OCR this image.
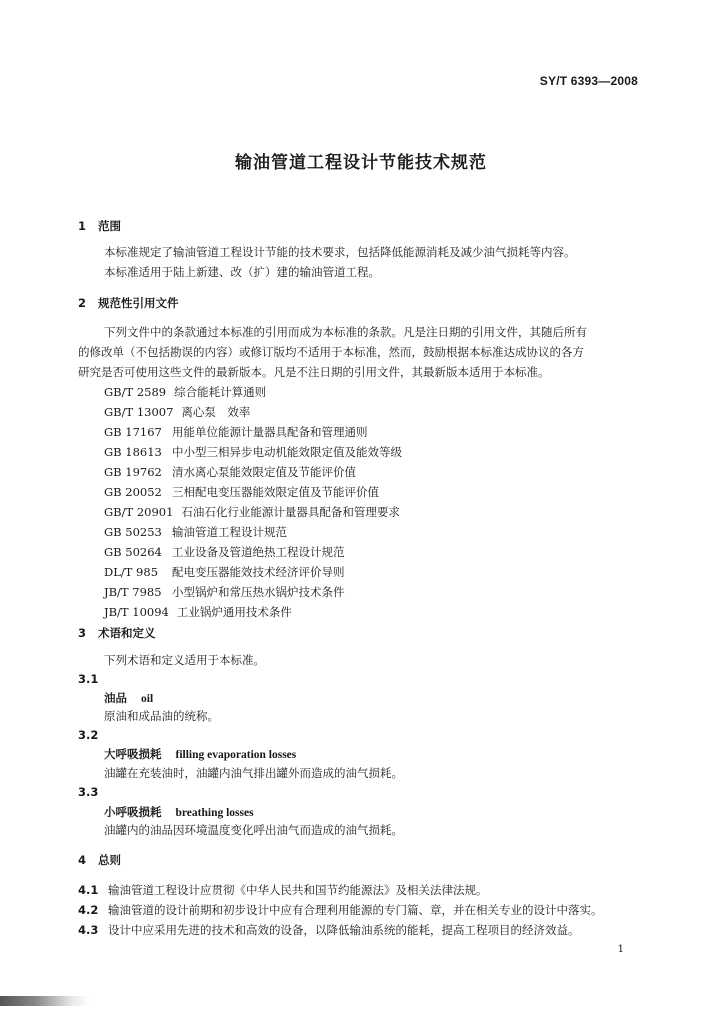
SY/T 6393—2008
输油管道工程设计节能技术规范
1 范围
本标准规定了输油管道工程设计节能的技术要求，包括降低能源消耗及减少油气损耗等内容。
本标准适用于陆上新建、改（扩）建的输油管道工程。
2 规范性引用文件
下列文件中的条款通过本标准的引用而成为本标准的条款。凡是注日期的引用文件，其随后所有
的修改单（不包括勘误的内容）或修订版均不适用于本标准，然而，鼓励根据本标准达成协议的各方
研究是否可使用这些文件的最新版本。凡是不注日期的引用文件，其最新版本适用于本标准。
GB/T 2589 综合能耗计算通则
GB/T 13007 离心泵　效率
GB 17167 用能单位能源计量器具配备和管理通则
GB 18613 中小型三相异步电动机能效限定值及能效等级
GB 19762 清水离心泵能效限定值及节能评价值
GB 20052 三相配电变压器能效限定值及节能评价值
GB/T 20901 石油石化行业能源计量器具配备和管理要求
GB 50253 输油管道工程设计规范
GB 50264 工业设备及管道绝热工程设计规范
DL/T 985 配电变压器能效技术经济评价导则
JB/T 7985 小型锅炉和常压热水锅炉技术条件
JB/T 10094 工业锅炉通用技术条件
3 术语和定义
下列术语和定义适用于本标准。
3.1
油品 oil
原油和成品油的统称。
3.2
大呼吸损耗 filling evaporation losses
油罐在充装油时，油罐内油气排出罐外而造成的油气损耗。
3.3
小呼吸损耗 breathing losses
油罐内的油品因环境温度变化呼出油气而造成的油气损耗。
4 总则
4.1 输油管道工程设计应贯彻《中华人民共和国节约能源法》及相关法律法规。
4.2 输油管道的设计前期和初步设计中应有合理利用能源的专门篇、章，并在相关专业的设计中落实。
4.3 设计中应采用先进的技术和高效的设备，以降低输油系统的能耗，提高工程项目的经济效益。
1
